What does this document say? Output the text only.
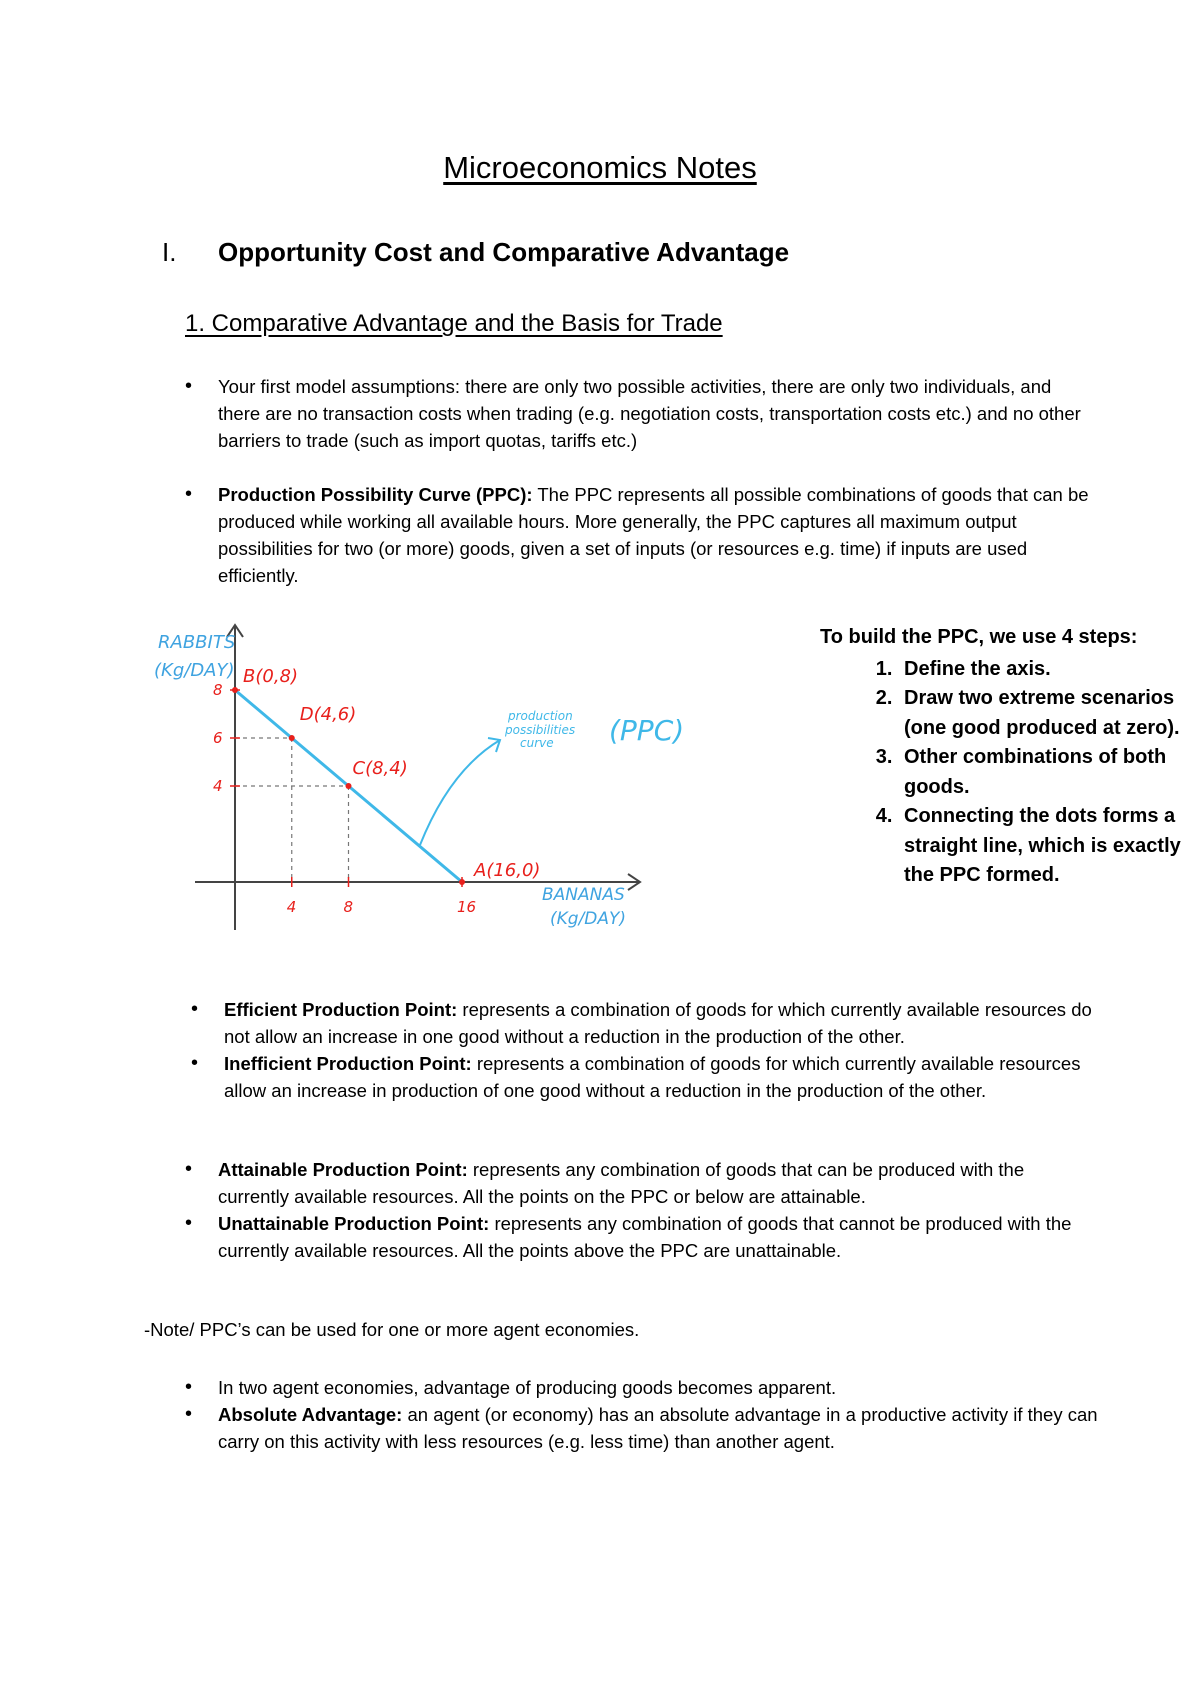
Microeconomics Notes
I. Opportunity Cost and Comparative Advantage
1. Comparative Advantage and the Basis for Trade
• Your first model assumptions: there are only two possible activities, there are only two individuals, and there are no transaction costs when trading (e.g. negotiation costs, transportation costs etc.) and no other barriers to trade (such as import quotas, tariffs etc.)
• Production Possibility Curve (PPC): The PPC represents all possible combinations of goods that can be produced while working all available hours. More generally, the PPC captures all maximum output possibilities for two (or more) goods, given a set of inputs (or resources e.g. time) if inputs are used efficiently.
B(0,8)
D(4,6)
C(8,4)
A(16,0)
4	8	16
8
6
4
RABBITS
(Kg/DAY)
BANANAS
(Kg/DAY)
production
possibilities
curve (PPC)
To build the PPC, we use 4 steps:
1. Define the axis.
2. Draw two extreme scenarios (one good produced at zero).
3. Other combinations of both goods.
4. Connecting the dots forms a straight line, which is exactly the PPC formed.
• Efficient Production Point: represents a combination of goods for which currently available resources do not allow an increase in one good without a reduction in the production of the other.
• Inefficient Production Point: represents a combination of goods for which currently available resources allow an increase in production of one good without a reduction in the production of the other.
• Attainable Production Point: represents any combination of goods that can be produced with the currently available resources. All the points on the PPC or below are attainable.
• Unattainable Production Point: represents any combination of goods that cannot be produced with the currently available resources. All the points above the PPC are unattainable.
-Note/ PPC’s can be used for one or more agent economies.
• In two agent economies, advantage of producing goods becomes apparent.
• Absolute Advantage: an agent (or economy) has an absolute advantage in a productive activity if they can carry on this activity with less resources (e.g. less time) than another agent.
